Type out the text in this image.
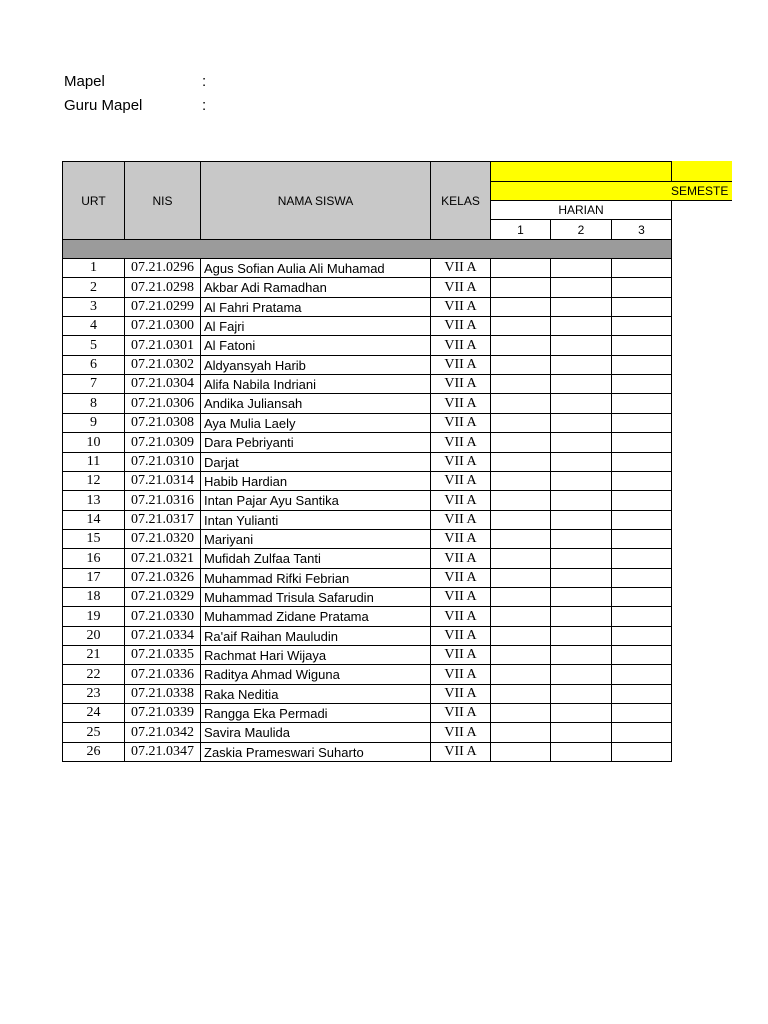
Mapel	:
Guru Mapel	:
URT	NIS	NAMA SISWA	KELAS
SEMESTE
HARIAN
1	2	3
1	07.21.0296 Agus Sofian Aulia Ali Muhamad	VII A
2	07.21.0298 Akbar Adi Ramadhan	VII A
3	07.21.0299 Al Fahri Pratama	VII A
4	07.21.0300 Al Fajri	VII A
5	07.21.0301 Al Fatoni	VII A
6	07.21.0302 Aldyansyah Harib	VII A
7	07.21.0304 Alifa Nabila Indriani	VII A
8	07.21.0306 Andika Juliansah	VII A
9	07.21.0308 Aya Mulia Laely	VII A
10	07.21.0309 Dara Pebriyanti	VII A
11	07.21.0310 Darjat	VII A
12	07.21.0314 Habib Hardian	VII A
13	07.21.0316 Intan Pajar Ayu Santika	VII A
14	07.21.0317 Intan Yulianti	VII A
15	07.21.0320 Mariyani	VII A
16	07.21.0321 Mufidah Zulfaa Tanti	VII A
17	07.21.0326 Muhammad Rifki Febrian	VII A
18	07.21.0329 Muhammad Trisula Safarudin	VII A
19	07.21.0330 Muhammad Zidane Pratama	VII A
20	07.21.0334 Ra'aif Raihan Mauludin	VII A
21	07.21.0335 Rachmat Hari Wijaya	VII A
22	07.21.0336 Raditya Ahmad Wiguna	VII A
23	07.21.0338 Raka Neditia	VII A
24	07.21.0339 Rangga Eka Permadi	VII A
25	07.21.0342 Savira Maulida	VII A
26	07.21.0347 Zaskia Prameswari Suharto	VII A
